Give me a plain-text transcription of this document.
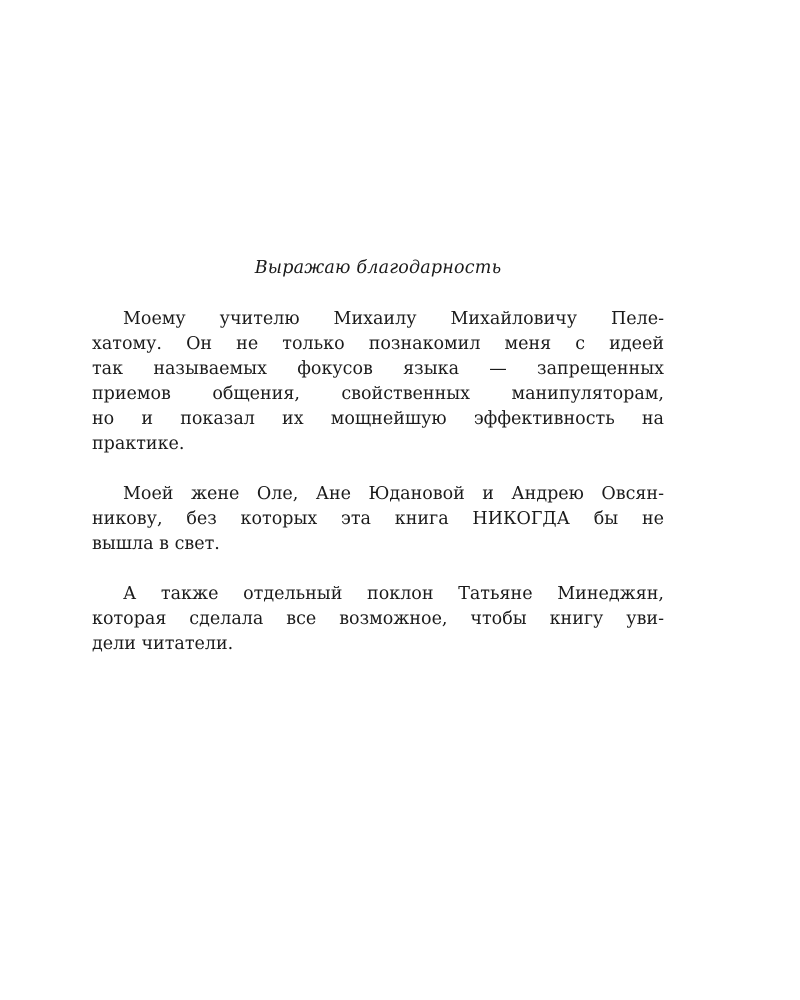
Выражаю благодарность
Моему учителю Михаилу Михайловичу Пеле-
хатому. Он не только познакомил меня с идеей
так называемых фокусов языка — запрещенных
приемов общения, свойственных манипуляторам,
но и показал их мощнейшую эффективность на
практике.
Моей жене Оле, Ане Юдановой и Андрею Овсян-
никову, без которых эта книга НИКОГДА бы не
вышла в свет.
А также отдельный поклон Татьяне Минеджян,
которая сделала все возможное, чтобы книгу уви-
дели читатели.
